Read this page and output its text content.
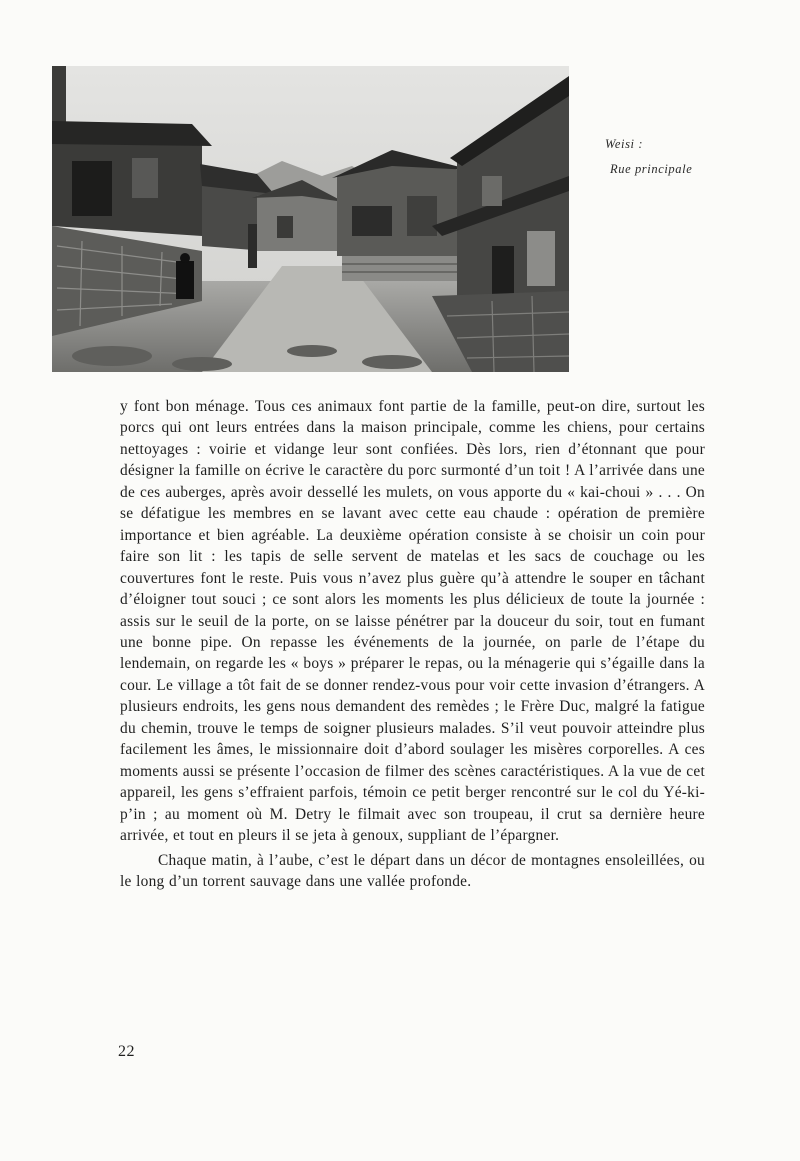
Weisi :
Rue principale

y font bon ménage. Tous ces animaux font partie de la famille, peut-on dire, surtout les porcs qui ont leurs entrées dans la maison principale, comme les chiens, pour certains nettoyages : voirie et vidange leur sont confiées. Dès lors, rien d’étonnant que pour désigner la famille on écrive le caractère du porc surmonté d’un toit ! A l’arrivée dans une de ces auberges, après avoir dessellé les mulets, on vous apporte du « kai-choui » . . . On se défatigue les membres en se lavant avec cette eau chaude : opération de première importance et bien agréable. La deuxième opération consiste à se choisir un coin pour faire son lit : les tapis de selle servent de matelas et les sacs de couchage ou les couvertures font le reste. Puis vous n’avez plus guère qu’à attendre le souper en tâchant d’éloigner tout souci ; ce sont alors les moments les plus délicieux de toute la journée : assis sur le seuil de la porte, on se laisse pénétrer par la douceur du soir, tout en fumant une bonne pipe. On repasse les événements de la journée, on parle de l’étape du lendemain, on regarde les « boys » préparer le repas, ou la ménagerie qui s’égaille dans la cour. Le village a tôt fait de se donner rendez-vous pour voir cette invasion d’étrangers. A plusieurs endroits, les gens nous demandent des remèdes ; le Frère Duc, malgré la fatigue du chemin, trouve le temps de soigner plusieurs malades. S’il veut pouvoir atteindre plus facilement les âmes, le missionnaire doit d’abord soulager les misères corporelles. A ces moments aussi se présente l’occasion de filmer des scènes caractéristiques. A la vue de cet appareil, les gens s’effraient parfois, témoin ce petit berger rencontré sur le col du Yé-ki-p’in ; au moment où M. Detry le filmait avec son troupeau, il crut sa dernière heure arrivée, et tout en pleurs il se jeta à genoux, suppliant de l’épargner.

Chaque matin, à l’aube, c’est le départ dans un décor de montagnes ensoleillées, ou le long d’un torrent sauvage dans une vallée profonde.

22
